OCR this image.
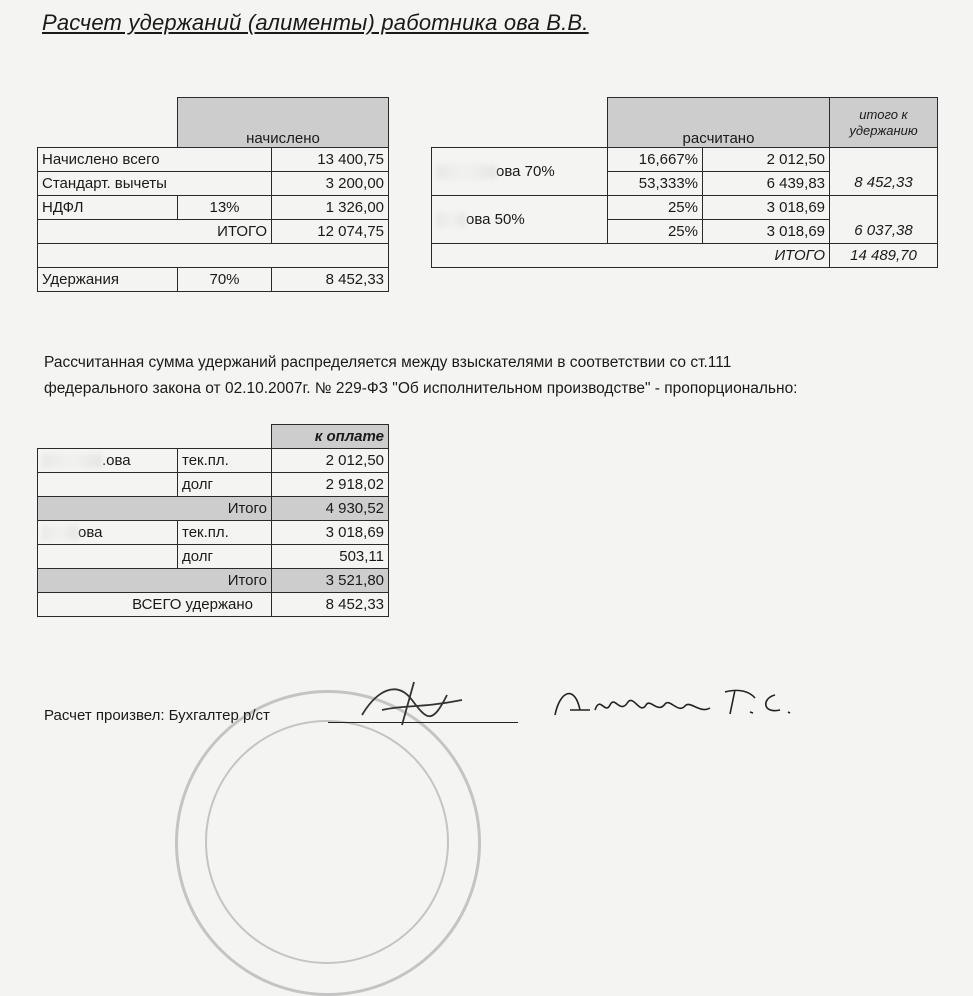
Расчет удержаний (алименты) работника ова В.В.
	начислено	
Начислено всего		13 400,75
Стандарт. вычеты		3 200,00
НДФЛ	13%	1 326,00
ИТОГО		12 074,75

Удержания	70%	8 452,33
	расчитано		итого к удержанию
ова 70%	16,667%	2 012,50	8 452,33
	53,333%	6 439,83	
ова 50%	25%	3 018,69	6 037,38
	25%	3 018,69	
ИТОГО			14 489,70
Рассчитанная сумма удержаний распределяется между взыскателями в соответствии со ст.111
федерального закона от 02.10.2007г. № 229-ФЗ "Об исполнительном производстве" - пропорционально:
		к оплате
.ова	тек.пл.	2 012,50
	долг	2 918,02
Итого		4 930,52
ова	тек.пл.	3 018,69
	долг	503,11
Итого		3 521,80
ВСЕГО удержано		8 452,33
Расчет произвел: Бухгалтер р/ст
